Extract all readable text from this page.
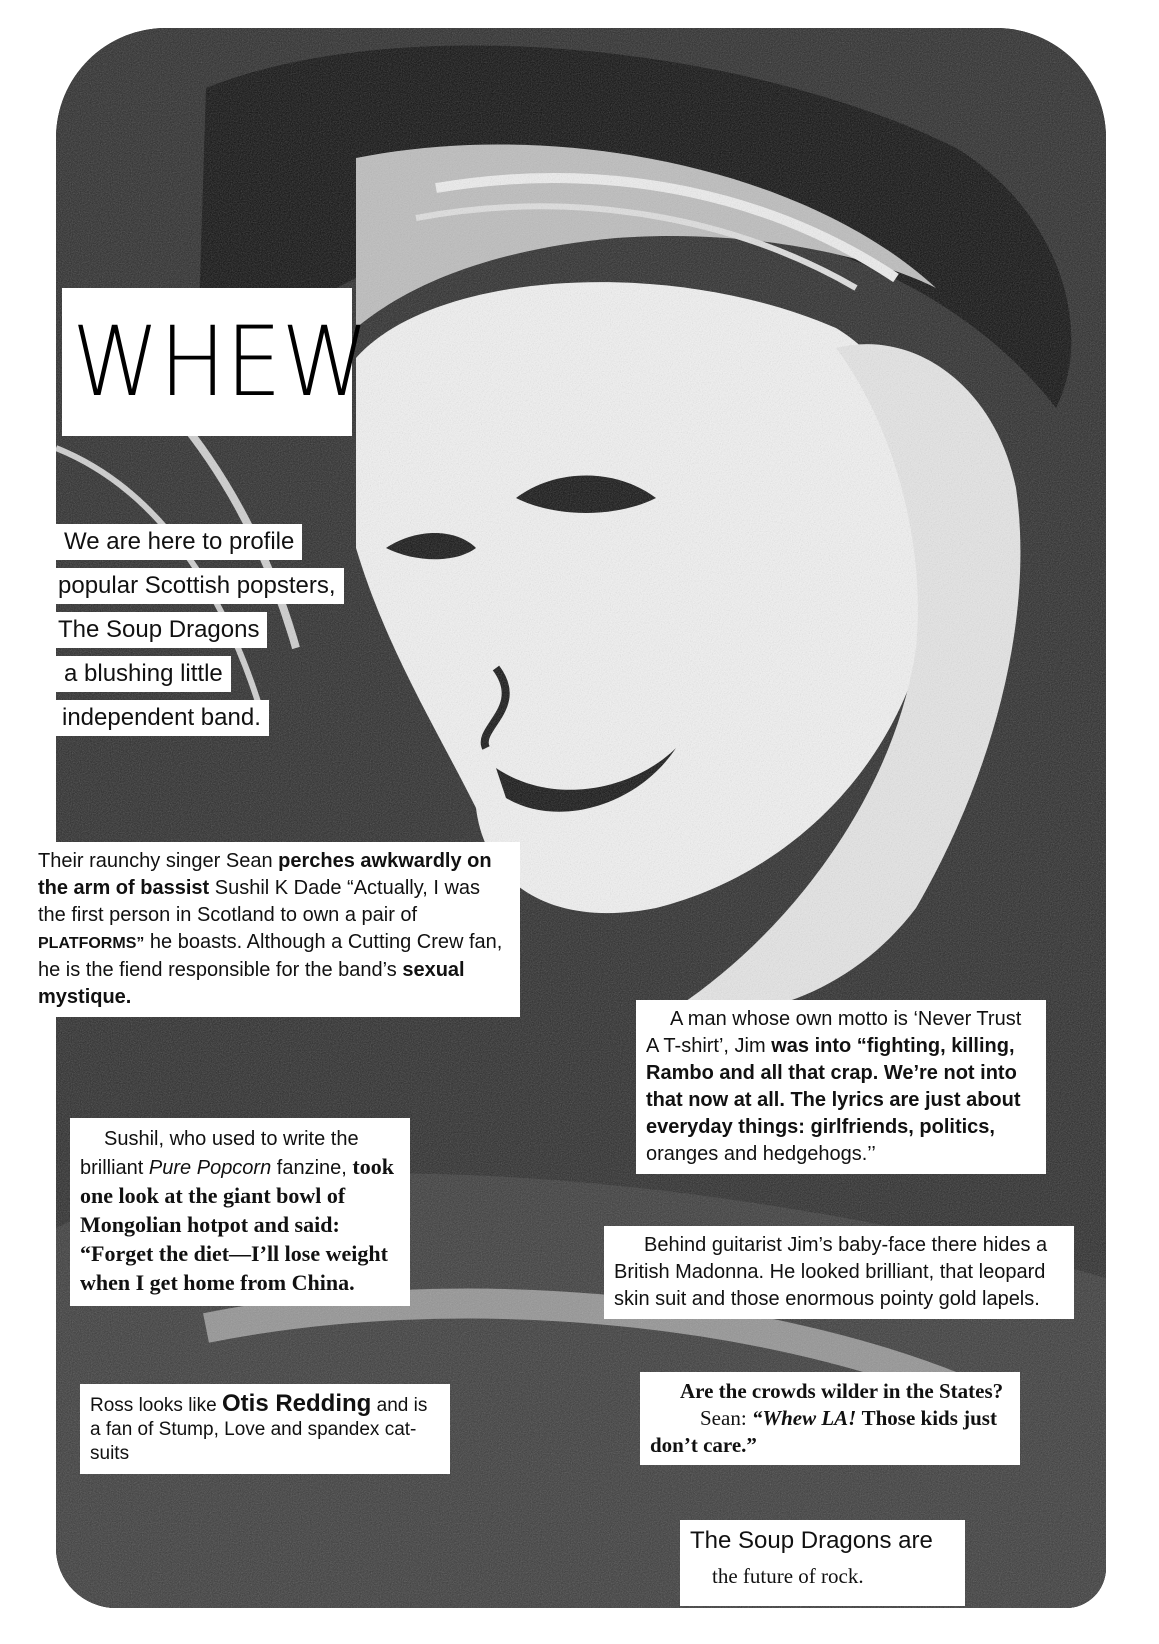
WHEW
We are here to profile
popular Scottish popsters,
The Soup Dragons
a blushing little
independent band.
Their raunchy singer Sean perches awkwardly on the arm of bassist Sushil K Dade “Actually, I was the first person in Scotland to own a pair of PLATFORMS” he boasts. Although a Cutting Crew fan, he is the fiend responsible for the band’s sexual mystique.
Sushil, who used to write the brilliant Pure Popcorn fanzine, took one look at the giant bowl of Mongolian hotpot and said: “Forget the diet—I’ll lose weight when I get home from China.
A man whose own motto is ‘Never Trust A T-shirt’, Jim was into “fighting, killing, Rambo and all that crap. We’re not into that now at all. The lyrics are just about everyday things: girlfriends, politics, oranges and hedgehogs.’’
Behind guitarist Jim’s baby-face there hides a British Madonna. He looked brilliant, that leopard skin suit and those enormous pointy gold lapels.
Ross looks like Otis Redding and is a fan of Stump, Love and spandex cat-suits
Are the crowds wilder in the States?
Sean: “Whew LA! Those kids just don’t care.”
The Soup Dragons are
the future of rock.
